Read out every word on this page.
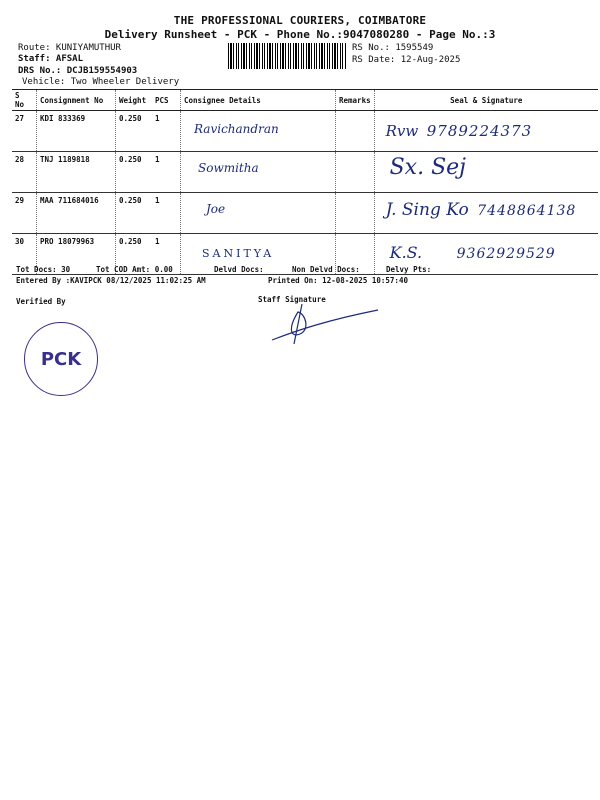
THE PROFESSIONAL COURIERS, COIMBATORE
Delivery Runsheet - PCK - Phone No.:9047080280 - Page No.:3
Route: KUNIYAMUTHUR
Staff: AFSAL
DRS No.: DCJB159554903
Vehicle: Two Wheeler Delivery
RS No.: 1595549
RS Date: 12-Aug-2025
S No	Consignment No	Weight	PCS	Consignee Details	Remarks	Seal & Signature
27	KDI 833369	0.250	1	Ravichandran		Rvw 9789224373
28	TNJ 1189818	0.250	1	Sowmitha		Sx. Sej
29	MAA 711684016	0.250	1	Joe		J. Sing Ko 7448864138
30	PRO 18079963	0.250	1	SANITYA		K.S. 9362929529
Tot Docs: 30	Tot COD Amt: 0.00	Delvd Docs:	Non Delvd Docs:	Delvy Pts:
Entered By :KAVIPCK 08/12/2025 11:02:25 AM	Printed On: 12-08-2025 10:57:40
Verified By	Staff Signature
PCK
